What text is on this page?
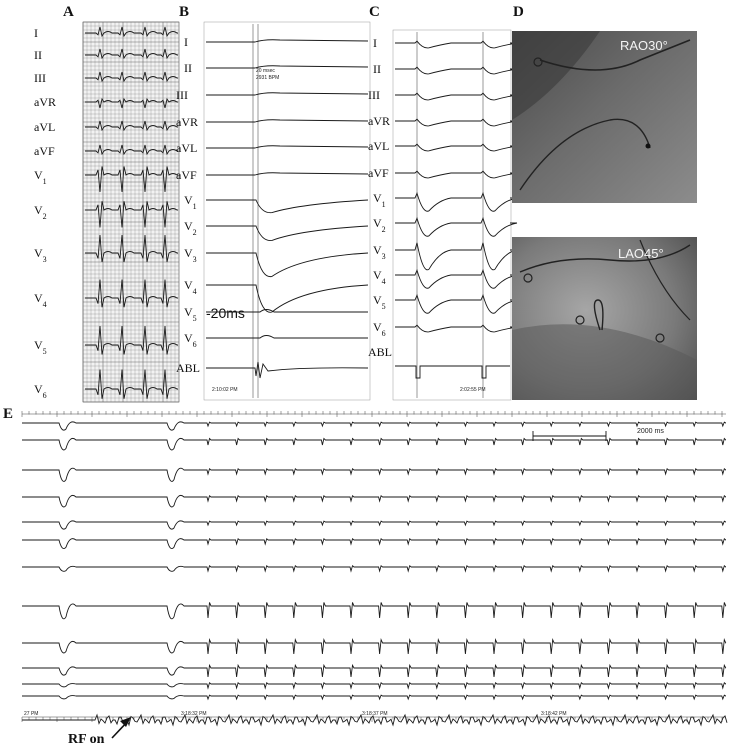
A	B	C	D
E
I
II
III
aVR
aVL
aVF
$V_1$
$V_2$
$V_3$
$V_4$
$V_5$
$V_6$
20 msec
2931 BPM
-20ms
2:10:02 PM
I
II
III
aVR
aVL
aVF
$V_1$
$V_2$
$V_3$
$V_4$
$V_5$
$V_6$
ABL
2:02:55 PM
I
II
III
aVR
aVL
aVF
$V_1$
$V_2$
$V_3$
$V_4$
$V_5$
$V_6$
ABL
RAO30°
LAO45°
2000 ms
27 PM	3:18:32 PM	3:18:37 PM	3:18:42 PM
RF on
